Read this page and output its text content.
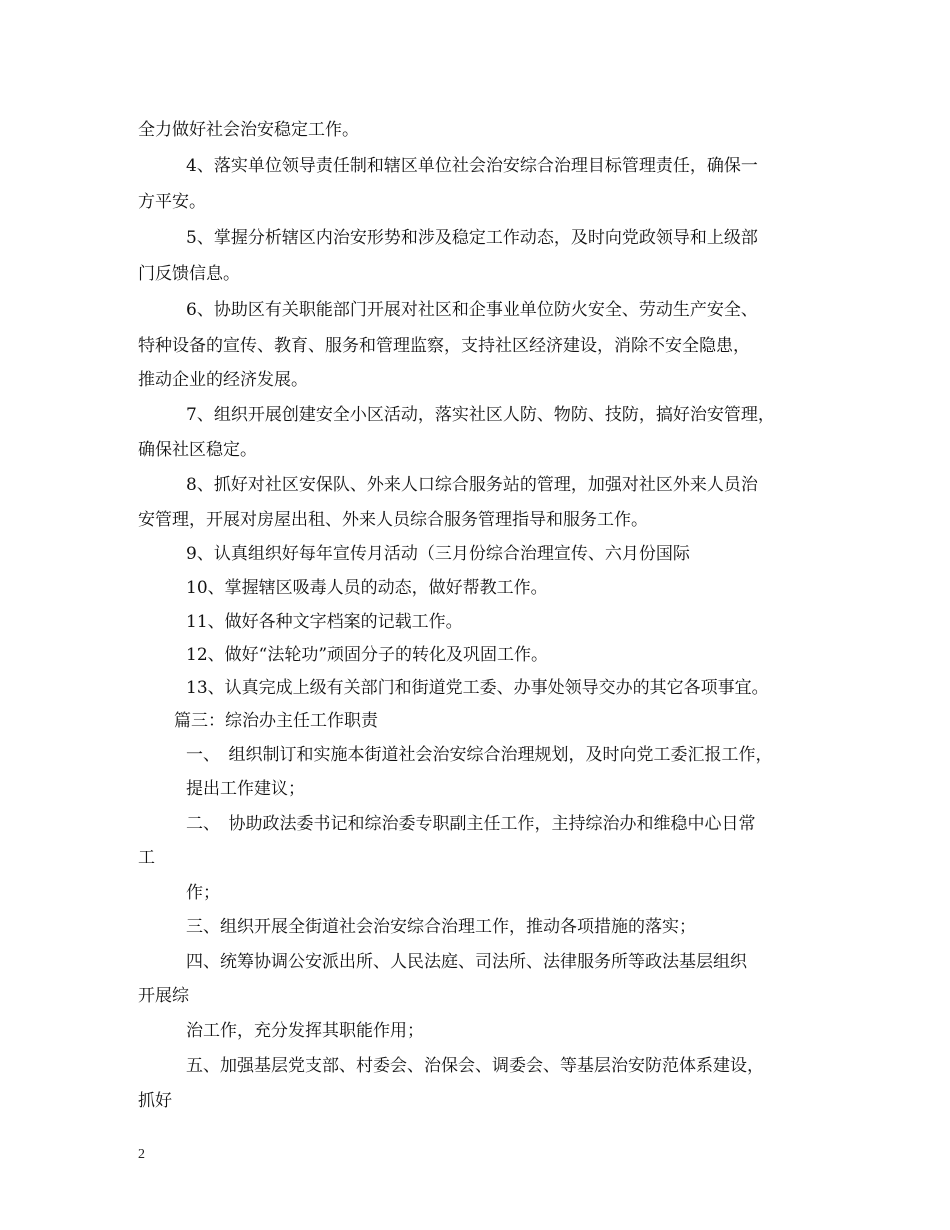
全力做好社会治安稳定工作。
4、落实单位领导责任制和辖区单位社会治安综合治理目标管理责任，确保一
方平安。
5、掌握分析辖区内治安形势和涉及稳定工作动态，及时向党政领导和上级部
门反馈信息。
6、协助区有关职能部门开展对社区和企事业单位防火安全、劳动生产安全、
特种设备的宣传、教育、服务和管理监察，支持社区经济建设，消除不安全隐患，
推动企业的经济发展。
7、组织开展创建安全小区活动，落实社区人防、物防、技防，搞好治安管理，
确保社区稳定。
8、抓好对社区安保队、外来人口综合服务站的管理，加强对社区外来人员治
安管理，开展对房屋出租、外来人员综合服务管理指导和服务工作。
9、认真组织好每年宣传月活动（三月份综合治理宣传、六月份国际
10、掌握辖区吸毒人员的动态，做好帮教工作。
11、做好各种文字档案的记载工作。
12、做好“法轮功”顽固分子的转化及巩固工作。
13、认真完成上级有关部门和街道党工委、办事处领导交办的其它各项事宜。
篇三：综治办主任工作职责
一、　组织制订和实施本街道社会治安综合治理规划，及时向党工委汇报工作，
提出工作建议；
二、　协助政法委书记和综治委专职副主任工作，主持综治办和维稳中心日常
工
作；
三、组织开展全街道社会治安综合治理工作，推动各项措施的落实；
四、统筹协调公安派出所、人民法庭、司法所、法律服务所等政法基层组织
开展综
治工作，充分发挥其职能作用；
五、加强基层党支部、村委会、治保会、调委会、等基层治安防范体系建设，
抓好
2
